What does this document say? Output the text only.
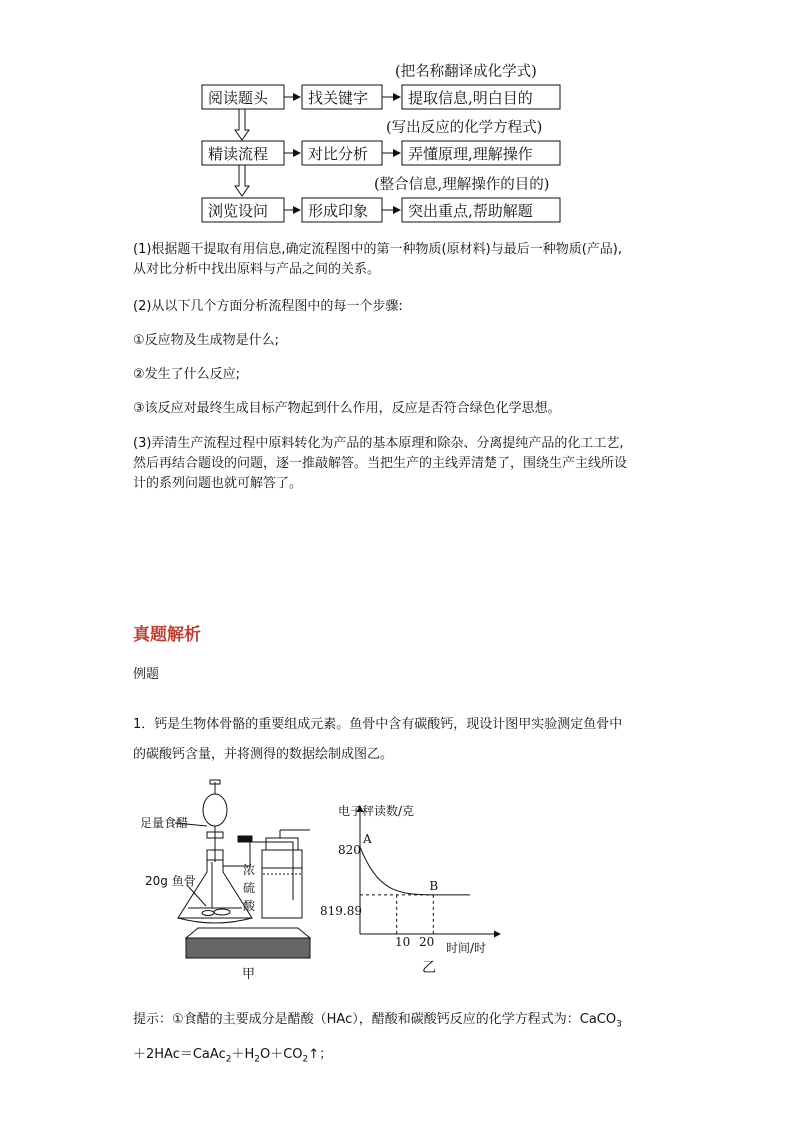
(把名称翻译成化学式)
阅读题头	找关键字	提取信息,明白目的
(写出反应的化学方程式)
精读流程	对比分析	弄懂原理,理解操作
(整合信息,理解操作的目的)
浏览设问	形成印象	突出重点,帮助解题
(1)根据题干提取有用信息,确定流程图中的第一种物质(原材料)与最后一种物质(产品),
从对比分析中找出原料与产品之间的关系。
(2)从以下几个方面分析流程图中的每一个步骤:
①反应物及生成物是什么;
②发生了什么反应;
③该反应对最终生成目标产物起到什么作用，反应是否符合绿色化学思想。
(3)弄清生产流程过程中原料转化为产品的基本原理和除杂、分离提纯产品的化工工艺,
然后再结合题设的问题，逐一推敲解答。当把生产的主线弄清楚了，围绕生产主线所设
计的系列问题也就可解答了。
真题解析
例题
1．钙是生物体骨骼的重要组成元素。鱼骨中含有碳酸钙，现设计图甲实验测定鱼骨中
的碳酸钙含量，并将测得的数据绘制成图乙。
足量食醋
20g 鱼骨
浓
硫
酸
甲
电子秤读数/克
时间/时
820
819.89
10 20
A
B
乙
提示：①食醋的主要成分是醋酸（HAc），醋酸和碳酸钙反应的化学方程式为：CaCO$_3$
$+2HAc=CaAc_2+H_2O+CO_2↑$；
